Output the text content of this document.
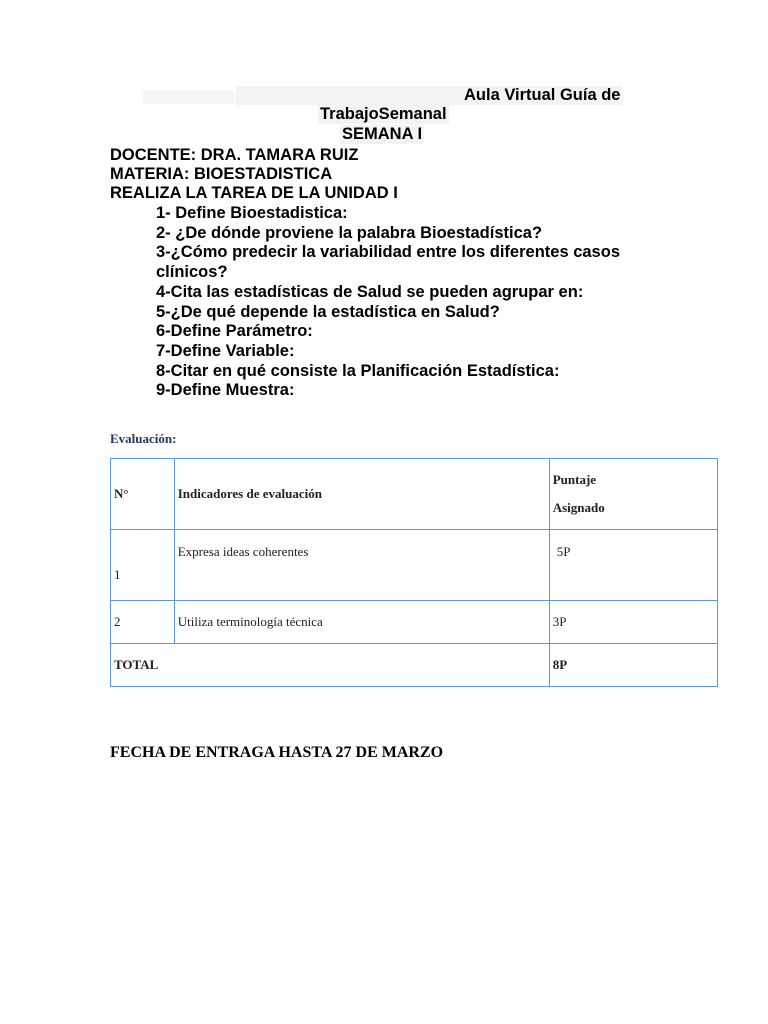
Aula Virtual Guía de
TrabajoSemanal
SEMANA I
DOCENTE: DRA. TAMARA RUIZ
MATERIA: BIOESTADISTICA
REALIZA LA TAREA DE LA UNIDAD I
1- Define Bioestadistica:
2- ¿De dónde proviene la palabra Bioestadística?
3-¿Cómo predecir la variabilidad entre los diferentes casos clínicos?
4-Cita las estadísticas de Salud se pueden agrupar en:
5-¿De qué depende la estadística en Salud?
6-Define Parámetro:
7-Define Variable:
8-Citar en qué consiste la Planificación Estadística:
9-Define Muestra:
Evaluación:
N°	Indicadores de evaluación	Puntaje
Asignado
1	Expresa ideas coherentes	5P
2	Utiliza terminología técnica	3P
TOTAL		8P
FECHA DE ENTRAGA HASTA 27 DE MARZO
